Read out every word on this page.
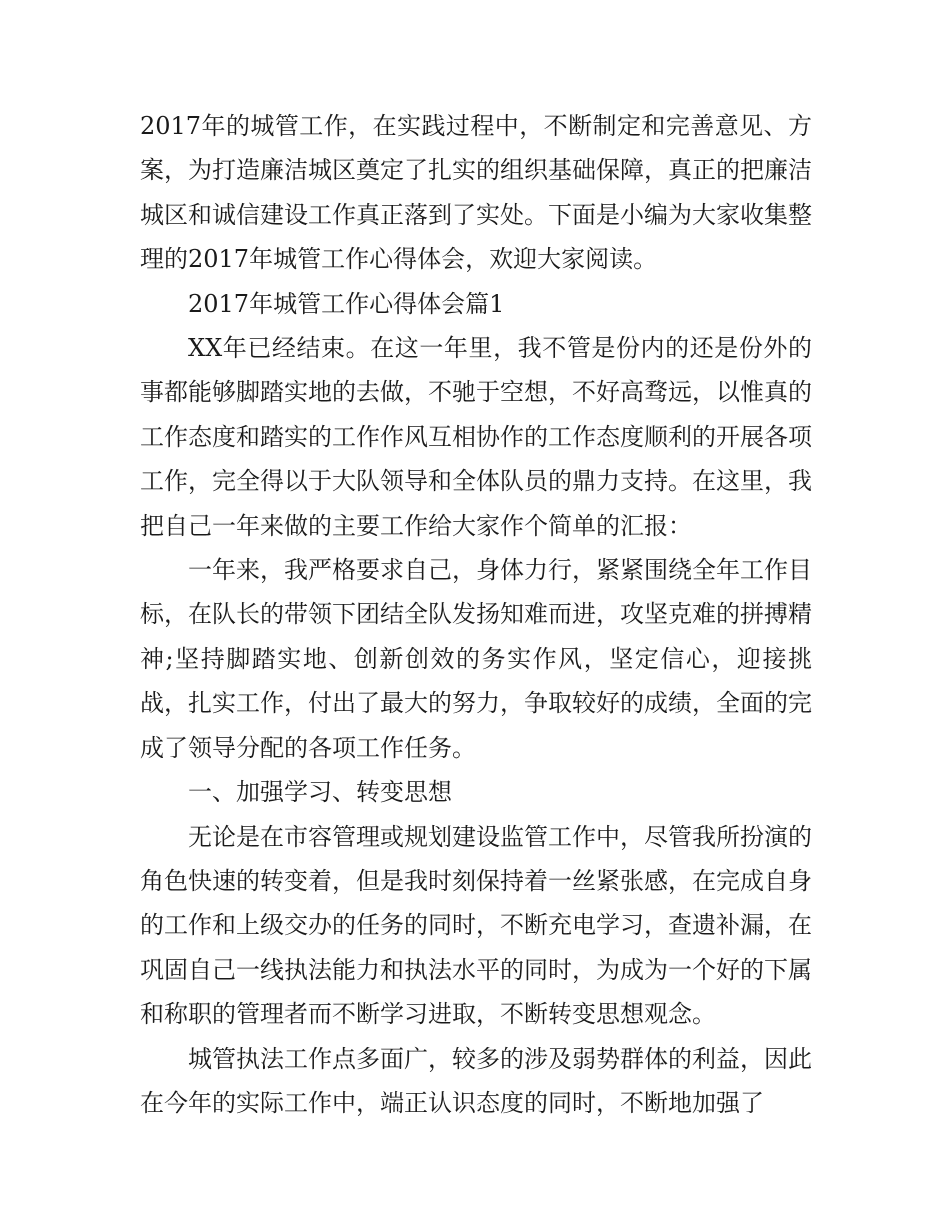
2017年的城管工作，在实践过程中，不断制定和完善意见、方案，为打造廉洁城区奠定了扎实的组织基础保障，真正的把廉洁城区和诚信建设工作真正落到了实处。下面是小编为大家收集整理的2017年城管工作心得体会，欢迎大家阅读。

2017年城管工作心得体会篇1

XX年已经结束。在这一年里，我不管是份内的还是份外的事都能够脚踏实地的去做，不驰于空想，不好高骛远，以惟真的工作态度和踏实的工作作风互相协作的工作态度顺利的开展各项工作，完全得以于大队领导和全体队员的鼎力支持。在这里，我把自己一年来做的主要工作给大家作个简单的汇报：

一年来，我严格要求自己，身体力行，紧紧围绕全年工作目标，在队长的带领下团结全队发扬知难而进，攻坚克难的拼搏精神;坚持脚踏实地、创新创效的务实作风，坚定信心，迎接挑战，扎实工作，付出了最大的努力，争取较好的成绩，全面的完成了领导分配的各项工作任务。

一、加强学习、转变思想

无论是在市容管理或规划建设监管工作中，尽管我所扮演的角色快速的转变着，但是我时刻保持着一丝紧张感，在完成自身的工作和上级交办的任务的同时，不断充电学习，查遗补漏，在巩固自己一线执法能力和执法水平的同时，为成为一个好的下属和称职的管理者而不断学习进取，不断转变思想观念。

城管执法工作点多面广，较多的涉及弱势群体的利益，因此在今年的实际工作中，端正认识态度的同时，不断地加强了
